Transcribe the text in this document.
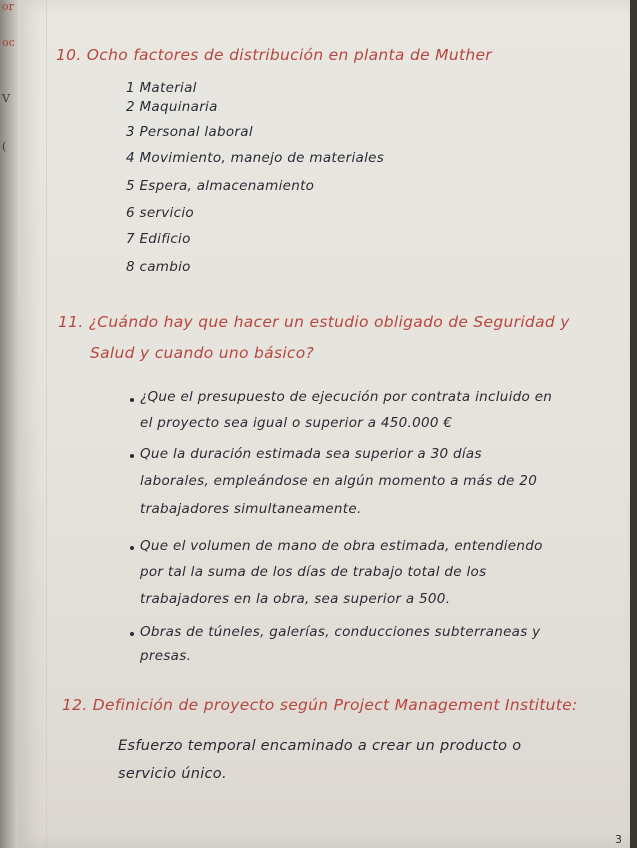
oc
V
(
or
10. Ocho factores de distribución en planta de Muther
1 Material
2 Maquinaria
3 Personal laboral
4 Movimiento, manejo de materiales
5 Espera, almacenamiento
6 servicio
7 Edificio
8 cambio
11. ¿Cuándo hay que hacer un estudio obligado de Seguridad y
Salud y cuando uno básico?
¿Que el presupuesto de ejecución por contrata incluido en
el proyecto sea igual o superior a 450.000 €
Que la duración estimada sea superior a 30 días
laborales, empleándose en algún momento a más de 20
trabajadores simultaneamente.
Que el volumen de mano de obra estimada, entendiendo
por tal la suma de los días de trabajo total de los
trabajadores en la obra, sea superior a 500.
Obras de túneles, galerías, conducciones subterraneas y
presas.
12. Definición de proyecto según Project Management Institute:
Esfuerzo temporal encaminado a crear un producto o
servicio único.
3
